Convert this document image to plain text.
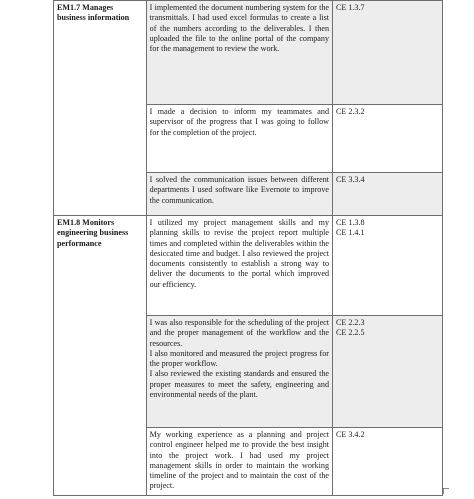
EM1.7 Manages business information	I implemented the document numbering system for the transmittals. I had used excel formulas to create a list of the numbers according to the deliverables. I then uploaded the file to the online portal of the company for the management to review the work.	CE 1.3.7

	I made a decision to inform my teammates and supervisor of the progress that I was going to follow for the completion of the project.	CE 2.3.2

	I solved the communication issues between different departments I used software like Evernote to improve the communication.	CE 3.3.4

EM1.8 Monitors engineering business performance	I utilized my project management skills and my planning skills to revise the project report multiple times and completed within the deliverables within the desiccated time and budget. I also reviewed the project documents consistently to establish a strong way to deliver the documents to the portal which improved our efficiency.	CE 1.3.8
CE 1.4.1

	I was also responsible for the scheduling of the project and the proper management of the workflow and the resources.
I also monitored and measured the project progress for the proper workflow.
I also reviewed the existing standards and ensured the proper measures to meet the safety, engineering and environmental needs of the plant.	CE 2.2.3
CE 2.2.5

	My working experience as a planning and project control engineer helped me to provide the best insight into the project work. I had used my project management skills in order to maintain the working timeline of the project and to maintain the cost of the project.	CE 3.4.2
